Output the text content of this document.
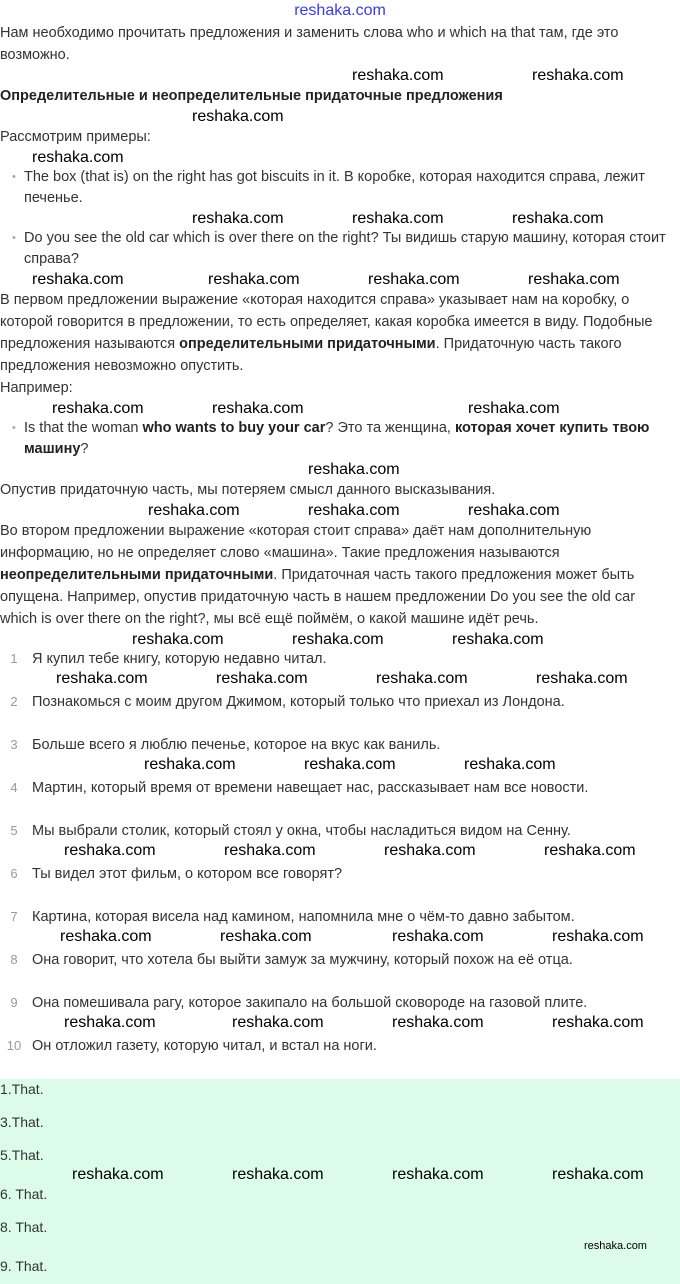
reshaka.com
Нам необходимо прочитать предложения и заменить слова who и which на that там, где это возможно.
reshaka.com	reshaka.com
Определительные и неопределительные придаточные предложения
reshaka.com
Рассмотрим примеры:
reshaka.com
• The box (that is) on the right has got biscuits in it. В коробке, которая находится справа, лежит печенье.
reshaka.com	reshaka.com	reshaka.com
• Do you see the old car which is over there on the right? Ты видишь старую машину, которая стоит справа?
reshaka.com	reshaka.com	reshaka.com	reshaka.com
В первом предложении выражение «которая находится справа» указывает нам на коробку, о которой говорится в предложении, то есть определяет, какая коробка имеется в виду. Подобные предложения называются определительными придаточными. Придаточную часть такого предложения невозможно опустить.
Например:
reshaka.com	reshaka.com	reshaka.com
• Is that the woman who wants to buy your car? Это та женщина, которая хочет купить твою машину?
reshaka.com
Опустив придаточную часть, мы потеряем смысл данного высказывания.
reshaka.com	reshaka.com	reshaka.com
Во втором предложении выражение «которая стоит справа» даёт нам дополнительную информацию, но не определяет слово «машина». Такие предложения называются неопределительными придаточными. Придаточная часть такого предложения может быть опущена. Например, опустив придаточную часть в нашем предложении Do you see the old car which is over there on the right?, мы всё ещё поймём, о какой машине идёт речь.
reshaka.com	reshaka.com	reshaka.com
1 Я купил тебе книгу, которую недавно читал.
reshaka.com	reshaka.com	reshaka.com	reshaka.com
2 Познакомься с моим другом Джимом, который только что приехал из Лондона.
3 Больше всего я люблю печенье, которое на вкус как ваниль.
reshaka.com	reshaka.com	reshaka.com
4 Мартин, который время от времени навещает нас, рассказывает нам все новости.
5 Мы выбрали столик, который стоял у окна, чтобы насладиться видом на Сенну.
reshaka.com	reshaka.com	reshaka.com	reshaka.com
6 Ты видел этот фильм, о котором все говорят?
7 Картина, которая висела над камином, напомнила мне о чём-то давно забытом.
reshaka.com	reshaka.com	reshaka.com	reshaka.com
8 Она говорит, что хотела бы выйти замуж за мужчину, который похож на её отца.
9 Она помешивала рагу, которое закипало на большой сковороде на газовой плите.
reshaka.com	reshaka.com	reshaka.com	reshaka.com
10 Он отложил газету, которую читал, и встал на ноги.
1.That.
3.That.
5.That.
reshaka.com	reshaka.com	reshaka.com	reshaka.com
6. That.
8. That.
reshaka.com
9. That.
